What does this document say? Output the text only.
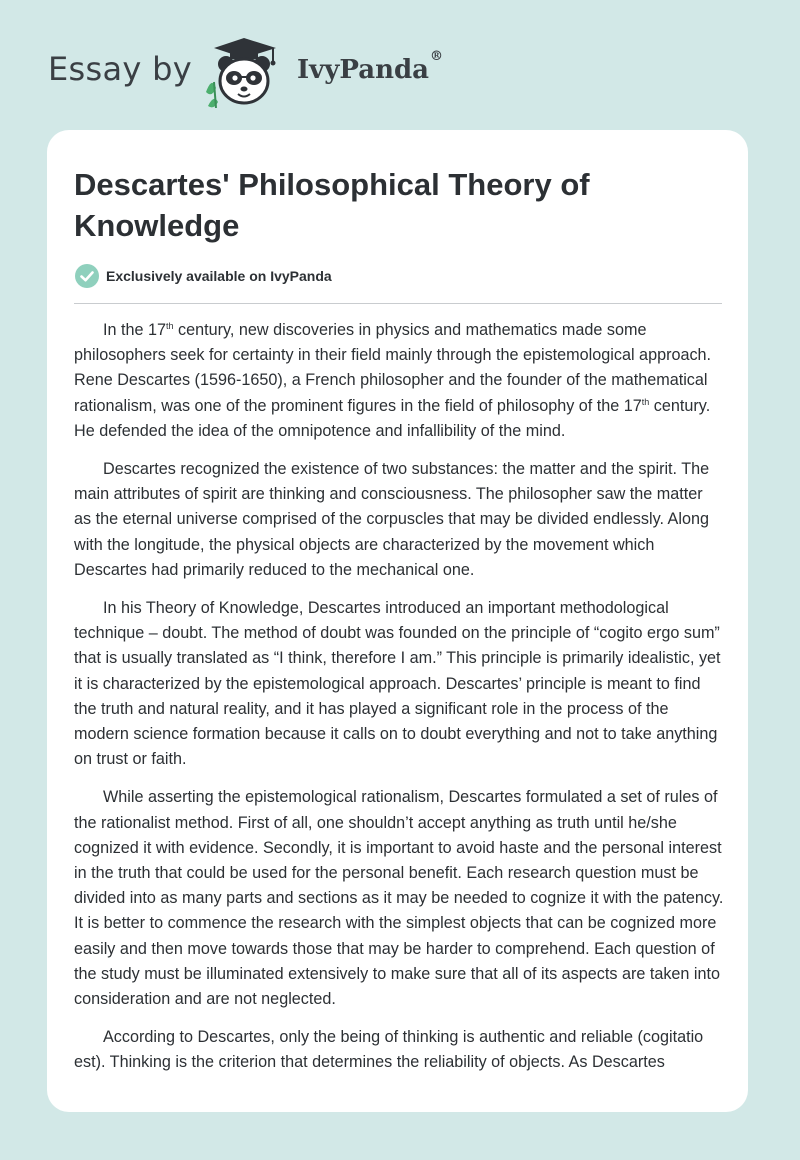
Essay by	IvyPanda®
Descartes' Philosophical Theory of Knowledge
Exclusively available on IvyPanda

In the 17th century, new discoveries in physics and mathematics made some philosophers seek for certainty in their field mainly through the epistemological approach. Rene Descartes (1596-1650), a French philosopher and the founder of the mathematical rationalism, was one of the prominent figures in the field of philosophy of the 17th century. He defended the idea of the omnipotence and infallibility of the mind.

Descartes recognized the existence of two substances: the matter and the spirit. The main attributes of spirit are thinking and consciousness. The philosopher saw the matter as the eternal universe comprised of the corpuscles that may be divided endlessly. Along with the longitude, the physical objects are characterized by the movement which Descartes had primarily reduced to the mechanical one.

In his Theory of Knowledge, Descartes introduced an important methodological technique – doubt. The method of doubt was founded on the principle of “cogito ergo sum” that is usually translated as “I think, therefore I am.” This principle is primarily idealistic, yet it is characterized by the epistemological approach. Descartes’ principle is meant to find the truth and natural reality, and it has played a significant role in the process of the modern science formation because it calls on to doubt everything and not to take anything on trust or faith.

While asserting the epistemological rationalism, Descartes formulated a set of rules of the rationalist method. First of all, one shouldn’t accept anything as truth until he/she cognized it with evidence. Secondly, it is important to avoid haste and the personal interest in the truth that could be used for the personal benefit. Each research question must be divided into as many parts and sections as it may be needed to cognize it with the patency. It is better to commence the research with the simplest objects that can be cognized more easily and then move towards those that may be harder to comprehend. Each question of the study must be illuminated extensively to make sure that all of its aspects are taken into consideration and are not neglected.

According to Descartes, only the being of thinking is authentic and reliable (cogitatio est). Thinking is the criterion that determines the reliability of objects. As Descartes
